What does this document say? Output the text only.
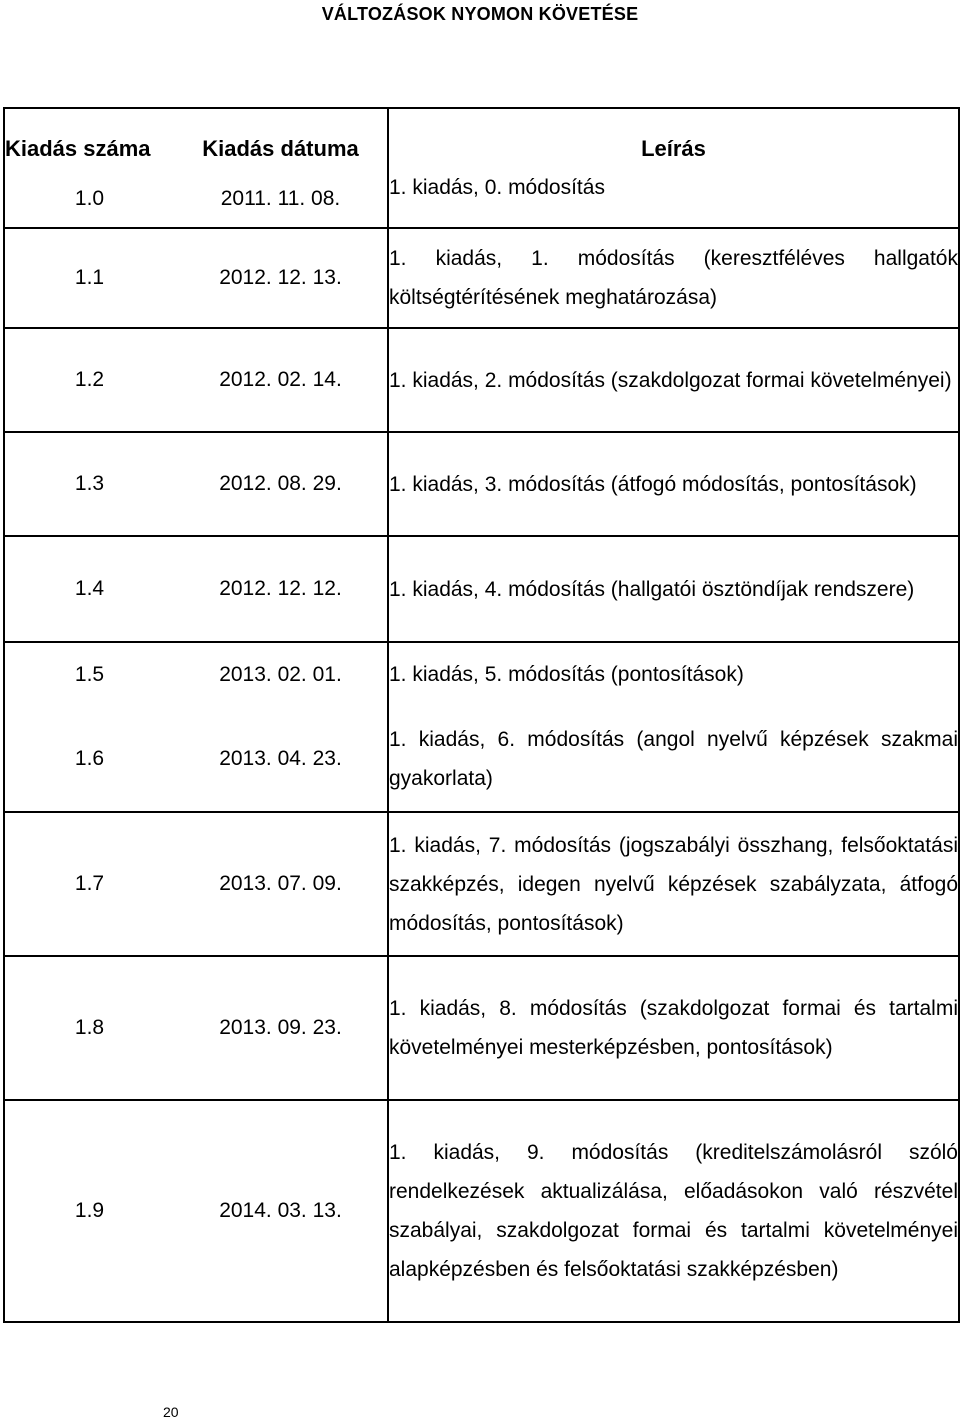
VÁLTOZÁSOK NYOMON KÖVETÉSE
Kiadás száma	Kiadás dátuma	Leírás
1.0	2011. 11. 08.	1. kiadás, 0. módosítás
1.1	2012. 12. 13.	1. kiadás, 1. módosítás (keresztféléves hallgatók költségtérítésének meghatározása)
1.2	2012. 02. 14.	1. kiadás, 2. módosítás (szakdolgozat formai követelményei)
1.3	2012. 08. 29.	1. kiadás, 3. módosítás (átfogó módosítás, pontosítások)
1.4	2012. 12. 12.	1. kiadás, 4. módosítás (hallgatói ösztöndíjak rendszere)
1.5	2013. 02. 01.	1. kiadás, 5. módosítás (pontosítások)
1.6	2013. 04. 23.	1. kiadás, 6. módosítás (angol nyelvű képzések szakmai gyakorlata)
1.7	2013. 07. 09.	1. kiadás, 7. módosítás (jogszabályi összhang, felsőoktatási szakképzés, idegen nyelvű képzések szabályzata, átfogó módosítás, pontosítások)
1.8	2013. 09. 23.	1. kiadás, 8. módosítás (szakdolgozat formai és tartalmi követelményei mesterképzésben, pontosítások)
1.9	2014. 03. 13.	1. kiadás, 9. módosítás (kreditelszámolásról szóló rendelkezések aktualizálása, előadásokon való részvétel szabályai, szakdolgozat formai és tartalmi követelményei alapképzésben és felsőoktatási szakképzésben)
20
